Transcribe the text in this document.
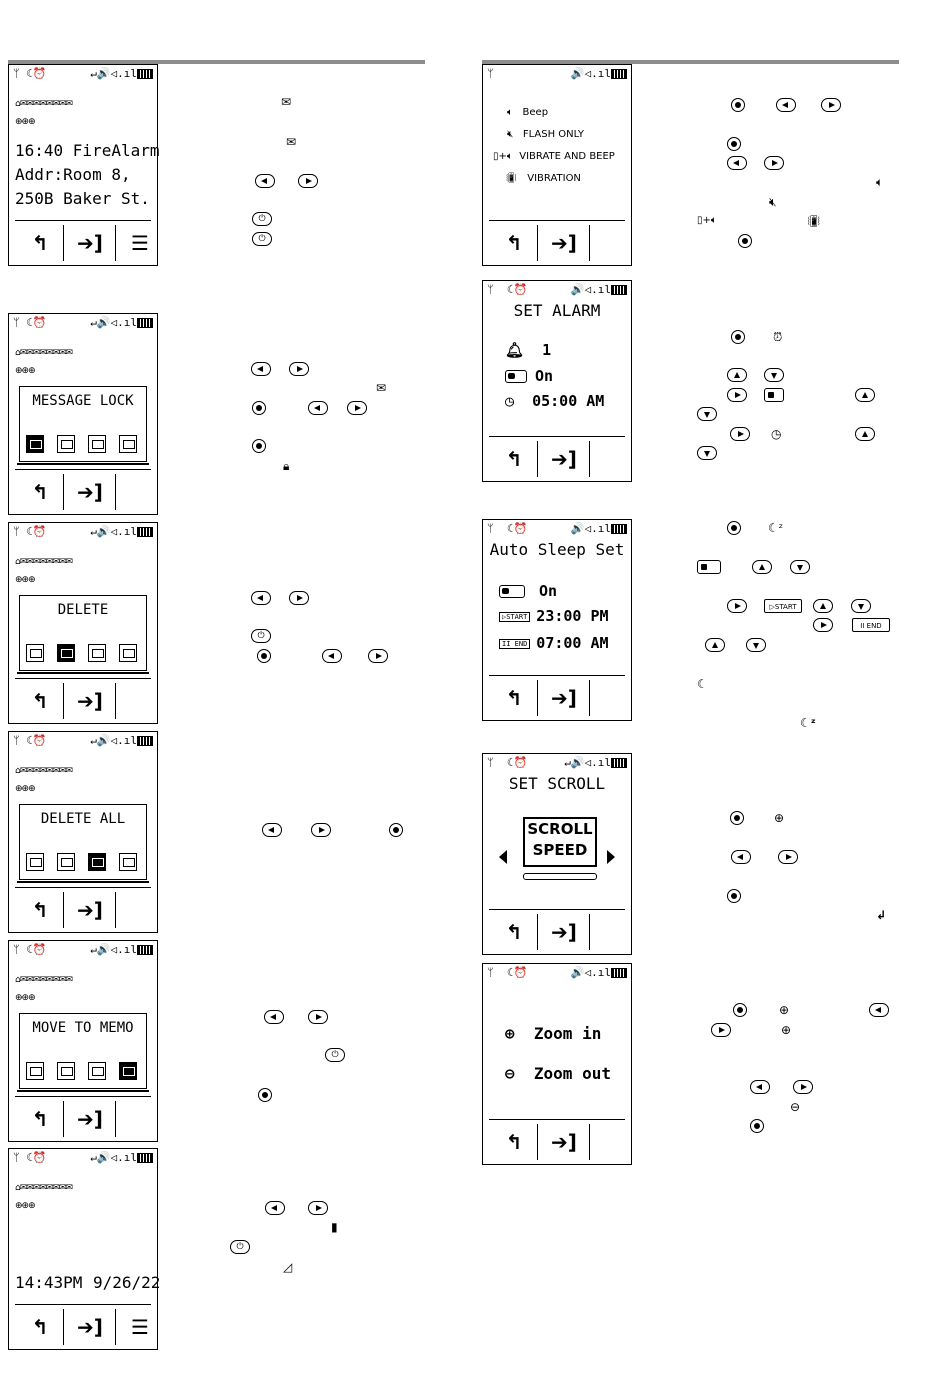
ᛘ ☾⏰	↵🔊◁.ıl
⌂✉✉✉✉✉✉✉✉
⊕⊕⊕
16:40 FireAlarm
Addr:Room 8,
250B Baker St.
↰	➔]	☰
✉
✉
⏻
⏻
ᛘ ☾⏰	↵🔊◁.ıl
⌂✉✉✉✉✉✉✉✉
⊕⊕⊕
MESSAGE LOCK
↰	➔]
✉
🔒︎
ᛘ ☾⏰	↵🔊◁.ıl
⌂✉✉✉✉✉✉✉✉
⊕⊕⊕
DELETE
↰	➔]
⏻
ᛘ ☾⏰	↵🔊◁.ıl
⌂✉✉✉✉✉✉✉✉
⊕⊕⊕
DELETE ALL
↰	➔]
ᛘ ☾⏰	↵🔊◁.ıl
⌂✉✉✉✉✉✉✉✉
⊕⊕⊕
MOVE TO MEMO
↰	➔]
⏻
ᛘ ☾⏰	↵🔊◁.ıl
⌂✉✉✉✉✉✉✉✉
⊕⊕⊕
14:43PM 9/26/22
↰	➔]	☰
▮
⏻
◿
ᛘ	🔊◁.ıl
🔈︎ Beep
🔇︎ FLASH ONLY
▯+🔈︎ VIBRATE AND BEEP
📳︎ VIBRATION
↰	➔]
🔈︎
🔇︎
▯+🔈︎	📳︎
ᛘ  ☾⏰	🔊◁.ıl
SET ALARM
🔔︎ 1
On
◷ 05:00 AM
↰	➔]
⏰︎
◷
ᛘ  ☾⏰	🔊◁.ıl
Auto Sleep Set
On
▷START 23:00 PM
II END 07:00 AM
↰	➔]
☾ᶻ
▷START
II END
☾
☾ᶻ
ᛘ  ☾⏰	↵🔊◁.ıl
SET SCROLL
SCROLL
SPEED
↰	➔]
⊕
↲
ᛘ  ☾⏰	🔊◁.ıl
⊕ Zoom in
⊖ Zoom out
↰	➔]
⊕
⊕
⊖
